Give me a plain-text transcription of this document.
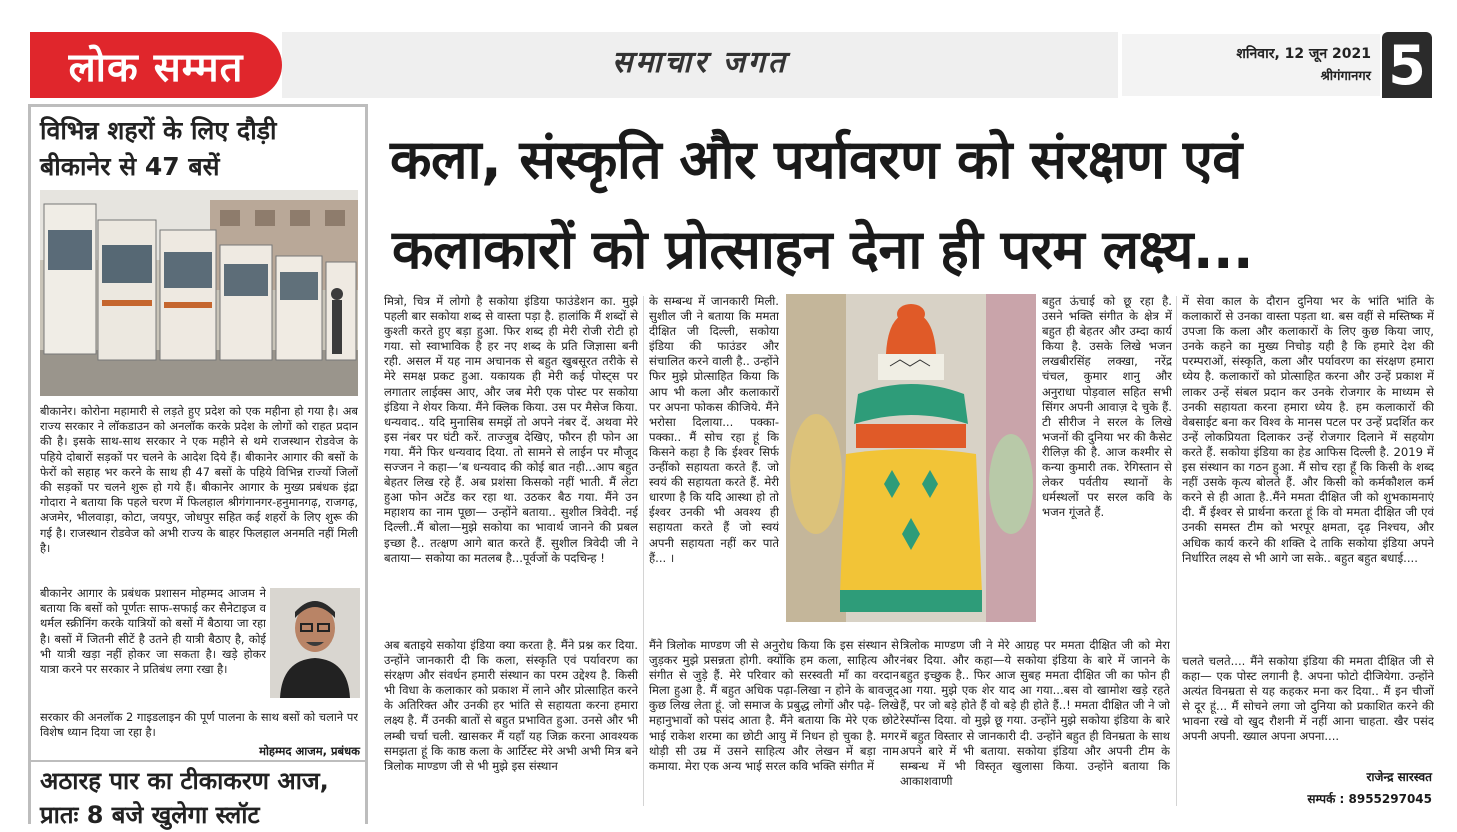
लोक सम्मत	समाचार जगत	शनिवार, 12 जून 2021
श्रीगंगानगर 5
विभिन्न शहरों के लिए दौड़ी
बीकानेर से 47 बसें
बीकानेर। कोरोना महामारी से लड़ते हुए प्रदेश को एक महीना हो गया है। अब राज्य सरकार ने लॉकडाउन को अनलॉक करके प्रदेश के लोगों को राहत प्रदान की है। इसके साथ-साथ सरकार ने एक महीने से थमे राजस्थान रोडवेज के पहिये दोबारों सड़कों पर चलने के आदेश दिये हैं। बीकानेर आगार की बसों के फेरों को सहाह भर करने के साथ ही 47 बसों के पहिये विभिन्न राज्यों जिलों की सड़कों पर चलने शुरू हो गये हैं। बीकानेर आगार के मुख्य प्रबंधक इंद्रा गोदारा ने बताया कि पहले चरण में फिलहाल श्रीगंगानगर-हनुमानगढ़, राजगढ़, अजमेर, भीलवाड़ा, कोटा, जयपुर, जोधपुर सहित कई शहरों के लिए शुरू की गई है। राजस्थान रोडवेज को अभी राज्य के बाहर फिलहाल अनमति नहीं मिली है।
बीकानेर आगार के प्रबंधक प्रशासन मोहम्मद आजम ने बताया कि बसों को पूर्णतः साफ-सफाई कर सैनेटाइज व थर्मल स्क्रीनिंग करके यात्रियों को बसों में बैठाया जा रहा है। बसों में जितनी सीटें है उतने ही यात्री बैठाए है, कोई भी यात्री खड़ा नहीं होकर जा सकता है। खड़े होकर यात्रा करने पर सरकार ने प्रतिबंध लगा रखा है।
सरकार की अनलॉक 2 गाइडलाइन की पूर्ण पालना के साथ बसों को चलाने पर विशेष ध्यान दिया जा रहा है।
मोहम्मद आजम, प्रबंधक
अठारह पार का टीकाकरण आज,
प्रातः 8 बजे खुलेगा स्लॉट
कला, संस्कृति और पर्यावरण को संरक्षण एवं
कलाकारों को प्रोत्साहन देना ही परम लक्ष्य...
मित्रो, चित्र में लोगो है सकोया इंडिया फाउंडेशन का. मुझे पहली बार सकोया शब्द से वास्ता पड़ा है. हालांकि मैं शब्दों से कुश्ती करते हुए बड़ा हुआ. फिर शब्द ही मेरी रोजी रोटी हो गया. सो स्वाभाविक है हर नए शब्द के प्रति जिज्ञासा बनी रही. असल में यह नाम अचानक से बहुत खुबसूरत तरीके से मेरे समक्ष प्रकट हुआ. यकायक ही मेरी कई पोस्ट्स पर लगातार लाईक्स आए, और जब मेरी एक पोस्ट पर सकोया इंडिया ने शेयर किया. मैंने क्लिक किया. उस पर मैसेज किया. धन्यवाद.. यदि मुनासिब समझें तो अपने नंबर दें. अथवा मेरे इस नंबर पर घंटी करें. ताज्जुब देखिए, फौरन ही फोन आ गया. मैंने फिर धन्यवाद दिया. तो सामने से लाईन पर मौजूद सज्जन ने कहा—‘ब धन्यवाद की कोई बात नही...आप बहुत बेहतर लिख रहे हैं. अब प्रशंसा किसको नहीं भाती. मैं लेटा हुआ फोन अटेंड कर रहा था. उठकर बैठ गया. मैंने उन महाशय का नाम पूछा— उन्होंने बताया.. सुशील त्रिवेदी. नई दिल्ली..मैं बोला—मुझे सकोया का भावार्थ जानने की प्रबल इच्छा है.. तत्क्षण आगे बात करते हैं. सुशील त्रिवेदी जी ने बताया— सकोया का मतलब है...पूर्वजों के पदचिन्ह !
अब बताइये सकोया इंडिया क्या करता है. मैंने प्रश्न कर दिया. उन्होंने जानकारी दी कि कला, संस्कृति एवं पर्यावरण का संरक्षण और संवर्धन हमारी संस्थान का परम उद्देश्य है. किसी भी विधा के कलाकार को प्रकाश में लाने और प्रोत्साहित करने के अतिरिक्त और उनकी हर भांति से सहायता करना हमारा लक्ष्य है. मैं उनकी बातों से बहुत प्रभावित हुआ. उनसे और भी लम्बी चर्चा चली. खासकर मैं यहाँ यह जिक्र करना आवश्यक समझता हूं कि काष्ठ कला के आर्टिस्ट मेरे अभी अभी मित्र बने त्रिलोक माण्डण जी से भी मुझे इस संस्थान
के सम्बन्ध में जानकारी मिली. सुशील जी ने बताया कि ममता दीक्षित जी दिल्ली, सकोया इंडिया की फाउंडर और संचालित करने वाली है.. उन्होंने फिर मुझे प्रोत्साहित किया कि आप भी कला और कलाकारों पर अपना फोकस कीजिये. मैंने भरोसा दिलाया... पक्का-पक्का.. मैं सोच रहा हूं कि किसने कहा है कि ईश्वर सिर्फ उन्हींको सहायता करते हैं. जो स्वयं की सहायता करते हैं. मेरी धारणा है कि यदि आस्था हो तो ईश्वर उनकी भी अवश्य ही सहायता करते हैं जो स्वयं अपनी सहायता नहीं कर पाते हैं... ।
मैंने त्रिलोक माण्डण जी से अनुरोध किया कि इस संस्थान से जुड़कर मुझे प्रसन्नता होगी. क्योंकि हम कला, साहित्य और संगीत से जुड़े हैं. मेरे परिवार को सरस्वती माँ का वरदान मिला हुआ है. मैं बहुत अधिक पढ़ा-लिखा न होने के बावजूद कुछ लिख लेता हूं. जो समाज के प्रबुद्ध लोगों और पढ़े- लिखे महानुभावों को पसंद आता है. मैंने बताया कि मेरे एक छोटे भाई राकेश शरमा का छोटी आयु में निधन हो चुका है. मगर थोड़ी सी उम्र में उसने साहित्य और लेखन में बड़ा नाम कमाया. मेरा एक अन्य भाई सरल कवि भक्ति संगीत में
बहुत ऊंचाई को छू रहा है. उसने भक्ति संगीत के क्षेत्र में बहुत ही बेहतर और उम्दा कार्य किया है. उसके लिखे भजन लखबीरसिंह लक्खा, नरेंद्र चंचल, कुमार शानु और अनुराधा पोड़वाल सहित सभी सिंगर अपनी आवाज़ दे चुके हैं. टी सीरीज ने सरल के लिखे भजनों की दुनिया भर की कैसेट रीलिज़ की है. आज कश्मीर से कन्या कुमारी तक. रेगिस्तान से लेकर पर्वतीय स्थानों के धर्मस्थलों पर सरल कवि के भजन गूंजते हैं.
त्रिलोक माण्डण जी ने मेरे आग्रह पर ममता दीक्षित जी को मेरा नंबर दिया. और कहा—ये सकोया इंडिया के बारे में जानने के बहुत इच्छुक है.. फिर आज सुबह ममता दीक्षित जी का फोन ही आ गया. मुझे एक शेर याद आ गया...बस वो खामोश खड़े रहते हैं, पर जो बड़े होते हैं वो बड़े ही होते हैं..! ममता दीक्षित जी ने जो रेस्पॉन्स दिया. वो मुझे छू गया. उन्होंने मुझे सकोया इंडिया के बारे में बहुत विस्तार से जानकारी दी. उन्होंने बहुत ही विनम्रता के साथ अपने बारे में भी बताया. सकोया इंडिया और अपनी टीम के सम्बन्ध में भी विस्तृत खुलासा किया. उन्होंने बताया कि आकाशवाणी
में सेवा काल के दौरान दुनिया भर के भांति भांति के कलाकारों से उनका वास्ता पड़ता था. बस वहीं से मस्तिष्क में उपजा कि कला और कलाकारों के लिए कुछ किया जाए, उनके कहने का मुख्य निचोड़ यही है कि हमारे देश की परम्पराओं, संस्कृति, कला और पर्यावरण का संरक्षण हमारा ध्येय है. कलाकारों को प्रोत्साहित करना और उन्हें प्रकाश में लाकर उन्हें संबल प्रदान कर उनके रोजगार के माध्यम से उनकी सहायता करना हमारा ध्येय है. हम कलाकारों की वेबसाईट बना कर विश्व के मानस पटल पर उन्हें प्रदर्शित कर उन्हें लोकप्रियता दिलाकर उन्हें रोजगार दिलाने में सहयोग करते हैं. सकोया इंडिया का हेड आफिस दिल्ली है. 2019 में इस संस्थान का गठन हुआ. मैं सोच रहा हूँ कि किसी के शब्द नहीं उसके कृत्य बोलते हैं. और किसी को कर्मकौशल कर्म करने से ही आता है..मैंने ममता दीक्षित जी को शुभकामनाएं दी. मैं ईश्वर से प्रार्थना करता हूं कि वो ममता दीक्षित जी एवं उनकी समस्त टीम को भरपूर क्षमता, दृढ़ निश्चय, और अधिक कार्य करने की शक्ति दे ताकि सकोया इंडिया अपने निर्धारित लक्ष्य से भी आगे जा सके.. बहुत बहुत बधाई....
चलते चलते.... मैंने सकोया इंडिया की ममता दीक्षित जी से कहा— एक पोस्ट लगानी है. अपना फोटो दीजियेगा. उन्होंने अत्यंत विनम्रता से यह कहकर मना कर दिया.. मैं इन चीजों से दूर हूं... मैं सोचने लगा जो दुनिया को प्रकाशित करने की भावना रखे वो खुद रौशनी में नहीं आना चाहता. खैर पसंद अपनी अपनी. ख्याल अपना अपना....
राजेन्द्र सारस्वत
सम्पर्क : 8955297045
